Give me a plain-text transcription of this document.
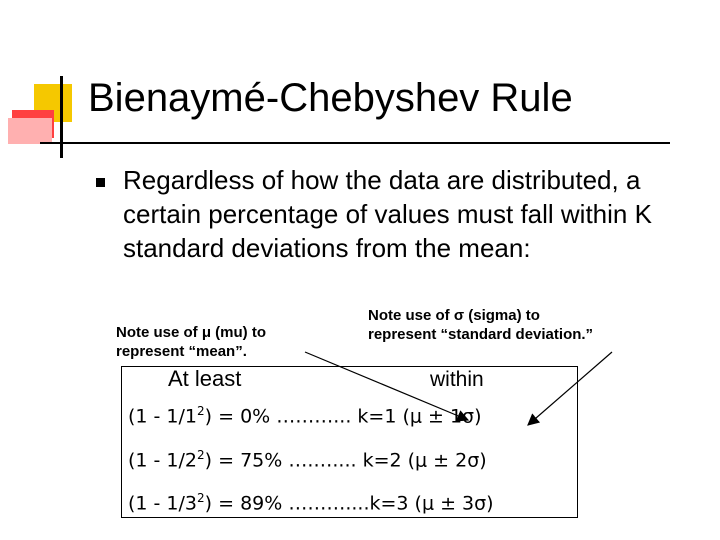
Bienaymé-Chebyshev Rule
Regardless of how the data are distributed, a certain percentage of values must fall within K standard deviations from the mean:
Note use of μ (mu) to
represent “mean”.
Note use of σ (sigma) to
represent “standard deviation.”
At least	within
$(1 - 1/1^2) = 0\%$ ………... k=1 (μ ± 1σ)
$(1 - 1/2^2) = 75\%$ ….….... k=2 (μ ± 2σ)
$(1 - 1/3^2) = 89\%$ ………....k=3 (μ ± 3σ)
